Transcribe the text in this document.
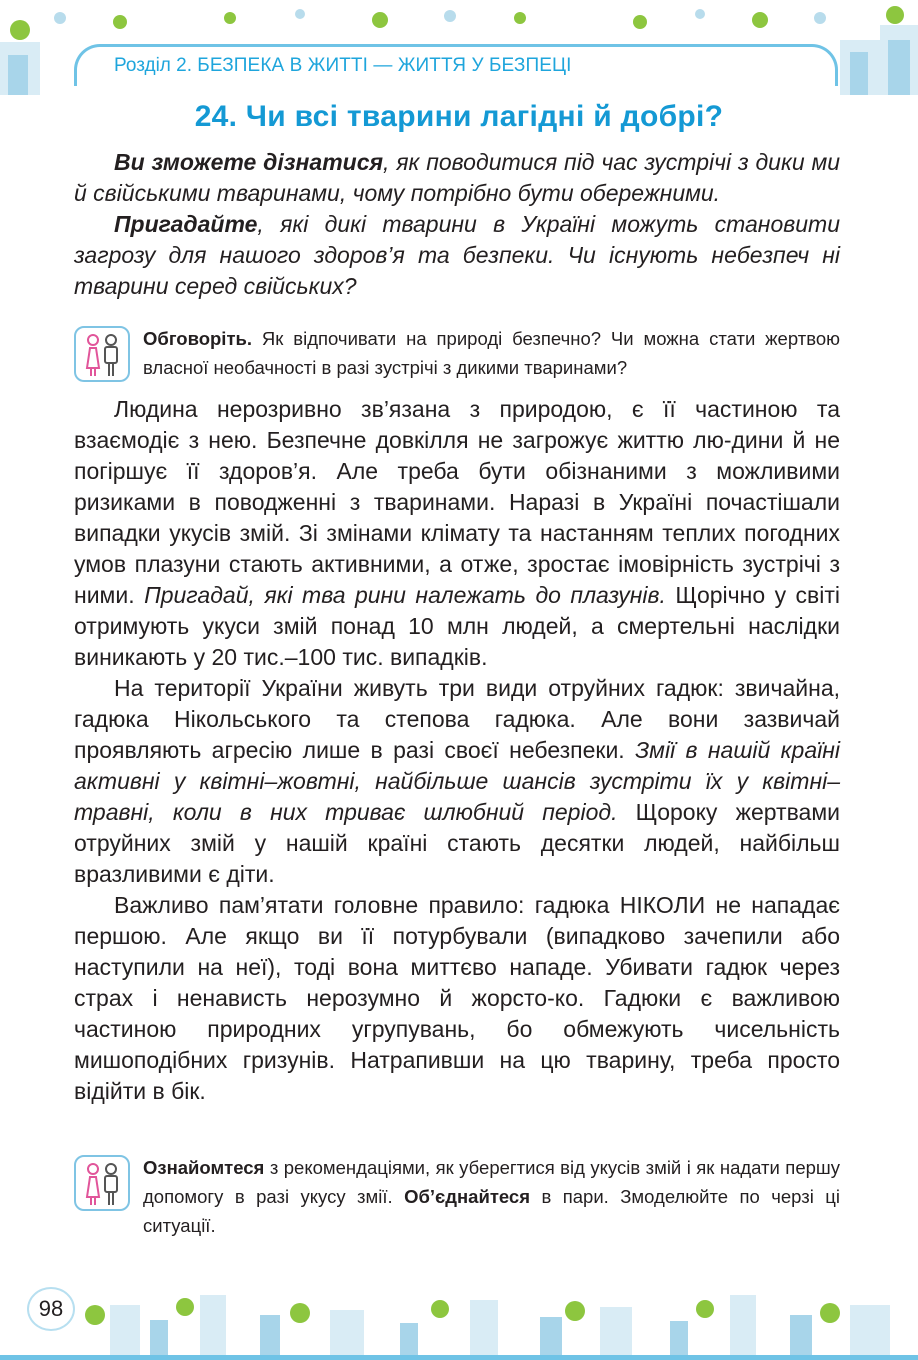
Розділ 2. БЕЗПЕКА В ЖИТТІ — ЖИТТЯ У БЕЗПЕЦІ
24. Чи всі тварини лагідні й добрі?

Ви зможете дізнатися, як поводитися під час зустрічі з дики ми й свійськими тваринами, чому потрібно бути обережними.

Пригадайте, які дикі тварини в Україні можуть становити загрозу для нашого здоров’я та безпеки. Чи існують небезпеч ні тварини серед свійських?

Обговоріть. Як відпочивати на природі безпечно? Чи можна стати жертвою власної необачності в разі зустрічі з дикими тваринами?

Людина нерозривно зв’язана з природою, є її частиною та взаємодіє з нею. Безпечне довкілля не загрожує життю лю-дини й не погіршує її здоров’я. Але треба бути обізнаними з можливими ризиками в поводженні з тваринами. Наразі в Україні почастішали випадки укусів змій. Зі змінами клімату та настанням теплих погодних умов плазуни стають активними, а отже, зростає імовірність зустрічі з ними. Пригадай, які тва рини належать до плазунів. Щорічно у світі отримують укуси змій понад 10 млн людей, а смертельні наслідки виникають у 20 тис.–100 тис. випадків.

На території України живуть три види отруйних гадюк: звичайна, гадюка Нікольського та степова гадюка. Але вони зазвичай проявляють агресію лише в разі своєї небезпеки. Змії в нашій країні активні у квітні–жовтні, найбільше шансів зустріти їх у квітні–травні, коли в них триває шлюбний період. Щороку жертвами отруйних змій у нашій країні стають десятки людей, найбільш вразливими є діти.

Важливо пам’ятати головне правило: гадюка НІКОЛИ не нападає першою. Але якщо ви її потурбували (випадково зачепили або наступили на неї), тоді вона миттєво нападе. Убивати гадюк через страх і ненависть нерозумно й жорсто-ко. Гадюки є важливою частиною природних угрупувань, бо обмежують чисельність мишоподібних гризунів. Натрапивши на цю тварину, треба просто відійти в бік.

Ознайомтеся з рекомендаціями, як уберегтися від укусів змій і як надати першу допомогу в разі укусу змії. Об’єднайтеся в пари. Змоделюйте по черзі ці ситуації.
98
